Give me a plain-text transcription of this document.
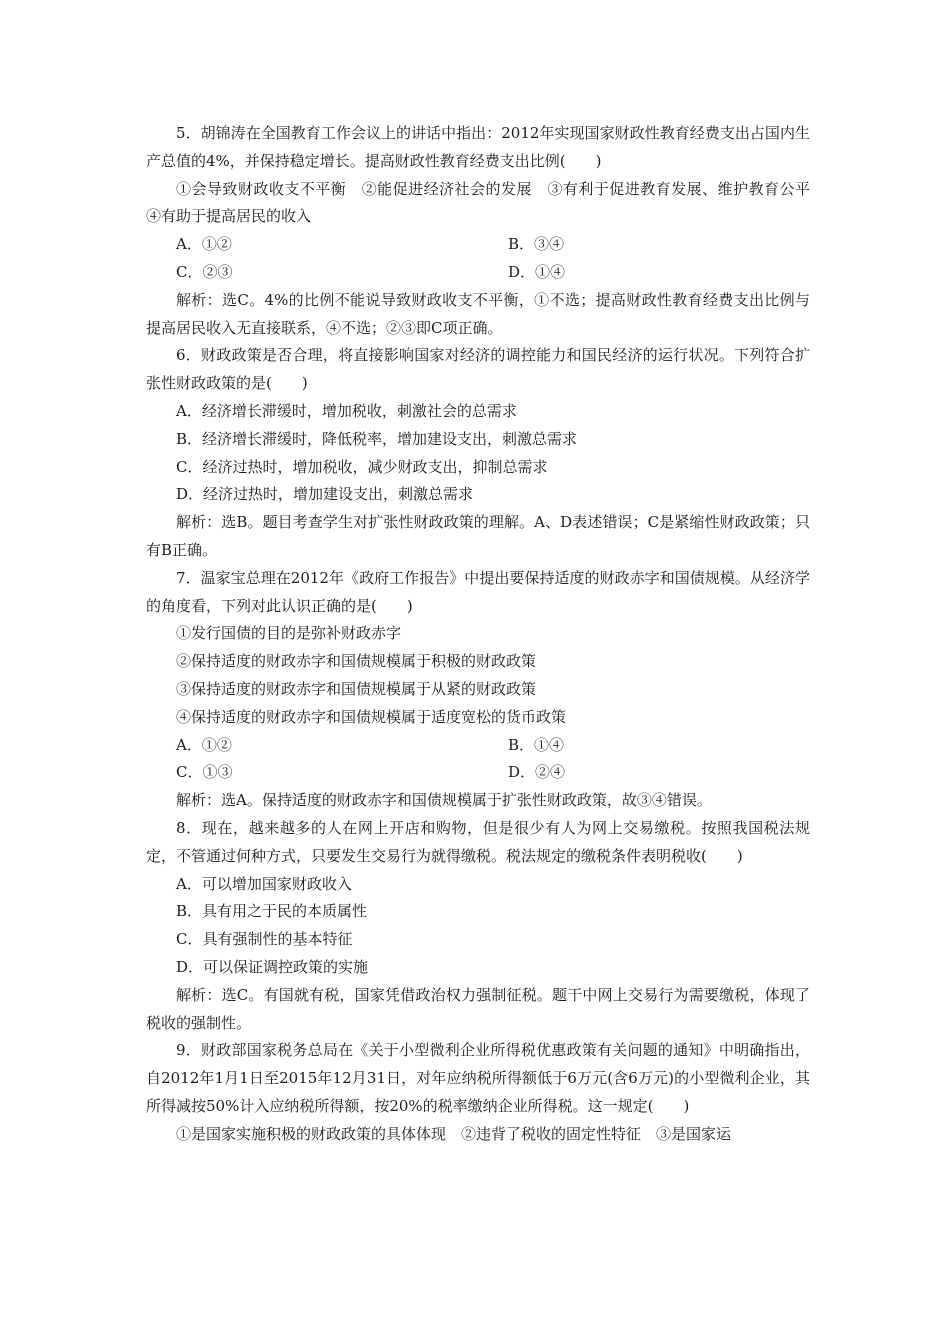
5．胡锦涛在全国教育工作会议上的讲话中指出：2012年实现国家财政性教育经费支出占国内生产总值的4%，并保持稳定增长。提高财政性教育经费支出比例(　　)

①会导致财政收支不平衡　②能促进经济社会的发展　③有利于促进教育发展、维护教育公平　④有助于提高居民的收入

A．①②	B．③④
C．②③	D．①④

解析：选C。4%的比例不能说导致财政收支不平衡，①不选；提高财政性教育经费支出比例与提高居民收入无直接联系，④不选；②③即C项正确。

6．财政政策是否合理，将直接影响国家对经济的调控能力和国民经济的运行状况。下列符合扩张性财政政策的是(　　)

A．经济增长滞缓时，增加税收，刺激社会的总需求

B．经济增长滞缓时，降低税率，增加建设支出，刺激总需求

C．经济过热时，增加税收，减少财政支出，抑制总需求

D．经济过热时，增加建设支出，刺激总需求

解析：选B。题目考查学生对扩张性财政政策的理解。A、D表述错误；C是紧缩性财政政策；只有B正确。

7．温家宝总理在2012年《政府工作报告》中提出要保持适度的财政赤字和国债规模。从经济学的角度看，下列对此认识正确的是(　　)

①发行国债的目的是弥补财政赤字

②保持适度的财政赤字和国债规模属于积极的财政政策

③保持适度的财政赤字和国债规模属于从紧的财政政策

④保持适度的财政赤字和国债规模属于适度宽松的货币政策

A．①②	B．①④
C．①③	D．②④

解析：选A。保持适度的财政赤字和国债规模属于扩张性财政政策，故③④错误。

8．现在，越来越多的人在网上开店和购物，但是很少有人为网上交易缴税。按照我国税法规定，不管通过何种方式，只要发生交易行为就得缴税。税法规定的缴税条件表明税收(　　)

A．可以增加国家财政收入

B．具有用之于民的本质属性

C．具有强制性的基本特征

D．可以保证调控政策的实施

解析：选C。有国就有税，国家凭借政治权力强制征税。题干中网上交易行为需要缴税，体现了税收的强制性。

9．财政部国家税务总局在《关于小型微利企业所得税优惠政策有关问题的通知》中明确指出，自2012年1月1日至2015年12月31日，对年应纳税所得额低于6万元(含6万元)的小型微利企业，其所得减按50%计入应纳税所得额，按20%的税率缴纳企业所得税。这一规定(　　)

①是国家实施积极的财政政策的具体体现　②违背了税收的固定性特征　③是国家运
